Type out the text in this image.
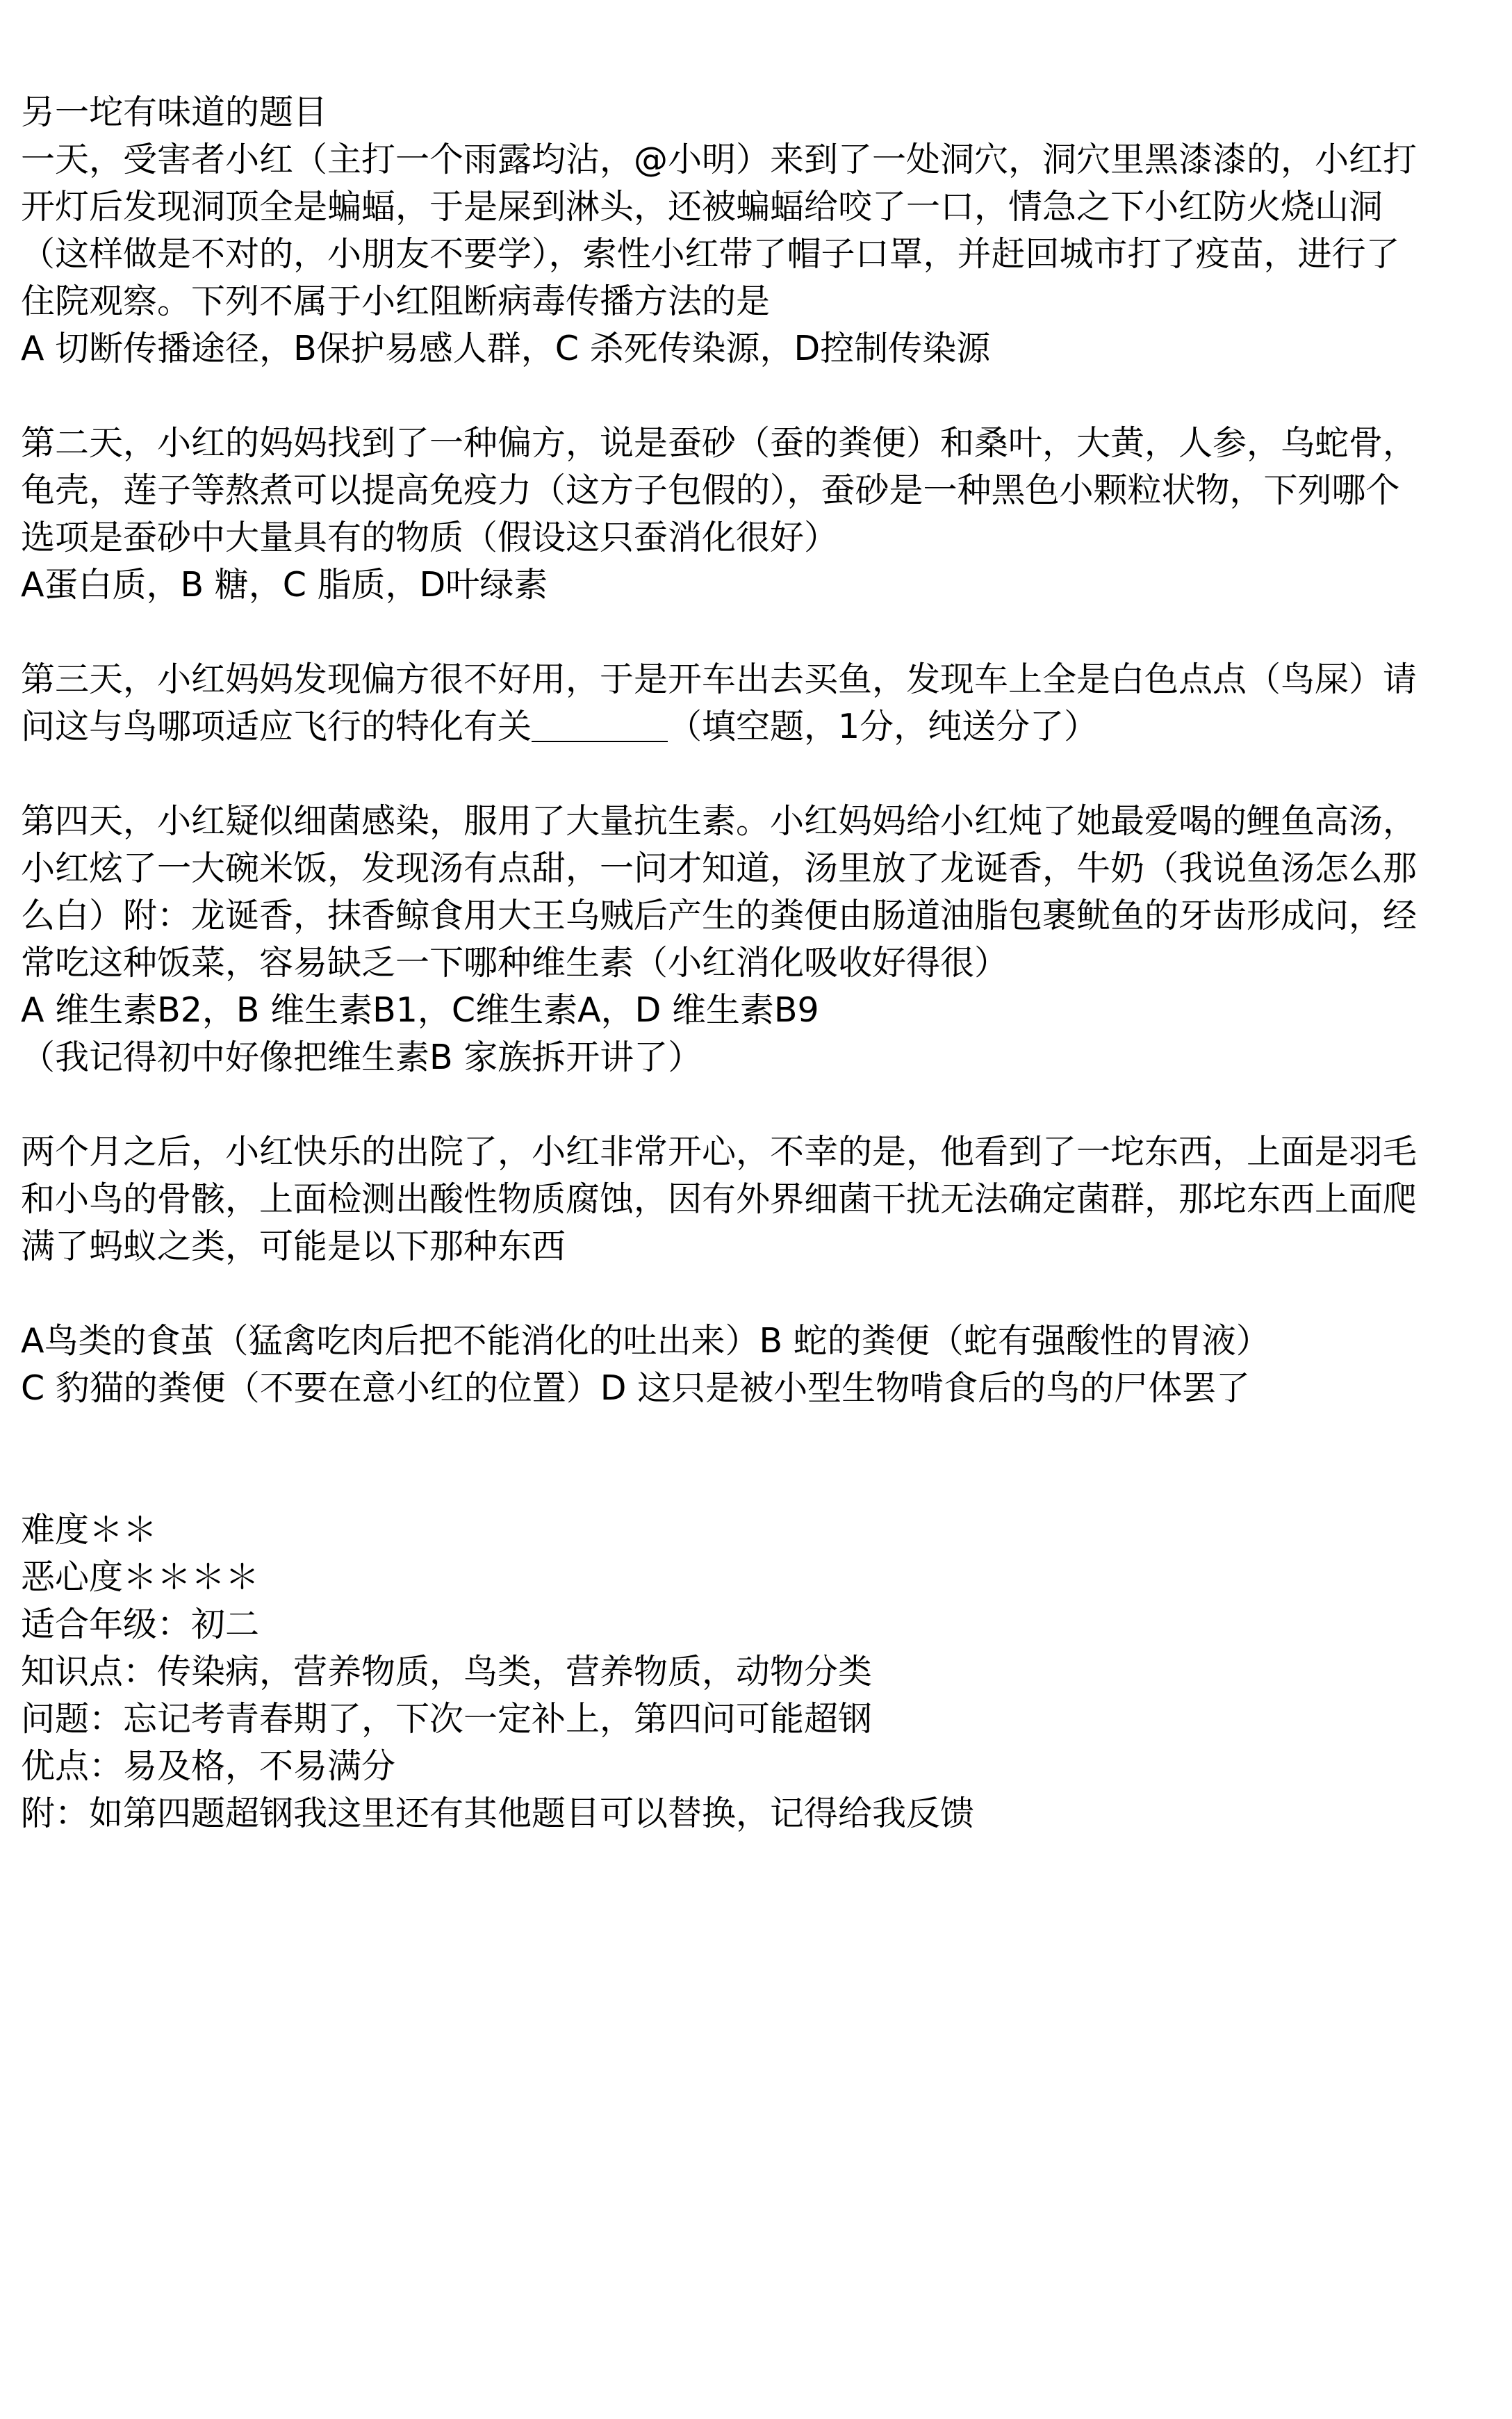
另一坨有味道的题目
一天，受害者小红（主打一个雨露均沾，@小明）来到了一处洞穴，洞穴里黑漆漆的，小红打
开灯后发现洞顶全是蝙蝠，于是屎到淋头，还被蝙蝠给咬了一口，情急之下小红防火烧山洞
（这样做是不对的，小朋友不要学），索性小红带了帽子口罩，并赶回城市打了疫苗，进行了
住院观察。下列不属于小红阻断病毒传播方法的是
A 切断传播途径，B保护易感人群，C 杀死传染源，D控制传染源
第二天，小红的妈妈找到了一种偏方，说是蚕砂（蚕的粪便）和桑叶，大黄，人参，乌蛇骨，
龟壳，莲子等熬煮可以提高免疫力（这方子包假的），蚕砂是一种黑色小颗粒状物，下列哪个
选项是蚕砂中大量具有的物质（假设这只蚕消化很好）
A蛋白质，B 糖，C 脂质，D叶绿素
第三天，小红妈妈发现偏方很不好用，于是开车出去买鱼，发现车上全是白色点点（鸟屎）请
问这与鸟哪项适应飞行的特化有关＿＿＿＿（填空题，1分，纯送分了）
第四天，小红疑似细菌感染，服用了大量抗生素。小红妈妈给小红炖了她最爱喝的鲤鱼高汤，
小红炫了一大碗米饭，发现汤有点甜，一问才知道，汤里放了龙诞香，牛奶（我说鱼汤怎么那
么白）附：龙诞香，抹香鲸食用大王乌贼后产生的粪便由肠道油脂包裹鱿鱼的牙齿形成问，经
常吃这种饭菜，容易缺乏一下哪种维生素（小红消化吸收好得很）
A 维生素B2，B 维生素B1，C维生素A，D 维生素B9
（我记得初中好像把维生素B 家族拆开讲了）
两个月之后，小红快乐的出院了，小红非常开心，不幸的是，他看到了一坨东西，上面是羽毛
和小鸟的骨骸，上面检测出酸性物质腐蚀，因有外界细菌干扰无法确定菌群，那坨东西上面爬
满了蚂蚁之类，可能是以下那种东西
A鸟类的食茧（猛禽吃肉后把不能消化的吐出来）B 蛇的粪便（蛇有强酸性的胃液）
C 豹猫的粪便（不要在意小红的位置）D 这只是被小型生物啃食后的鸟的尸体罢了
难度＊＊
恶心度＊＊＊＊
适合年级：初二
知识点：传染病，营养物质，鸟类，营养物质，动物分类
问题：忘记考青春期了，下次一定补上，第四问可能超钢
优点：易及格，不易满分
附：如第四题超钢我这里还有其他题目可以替换，记得给我反馈
